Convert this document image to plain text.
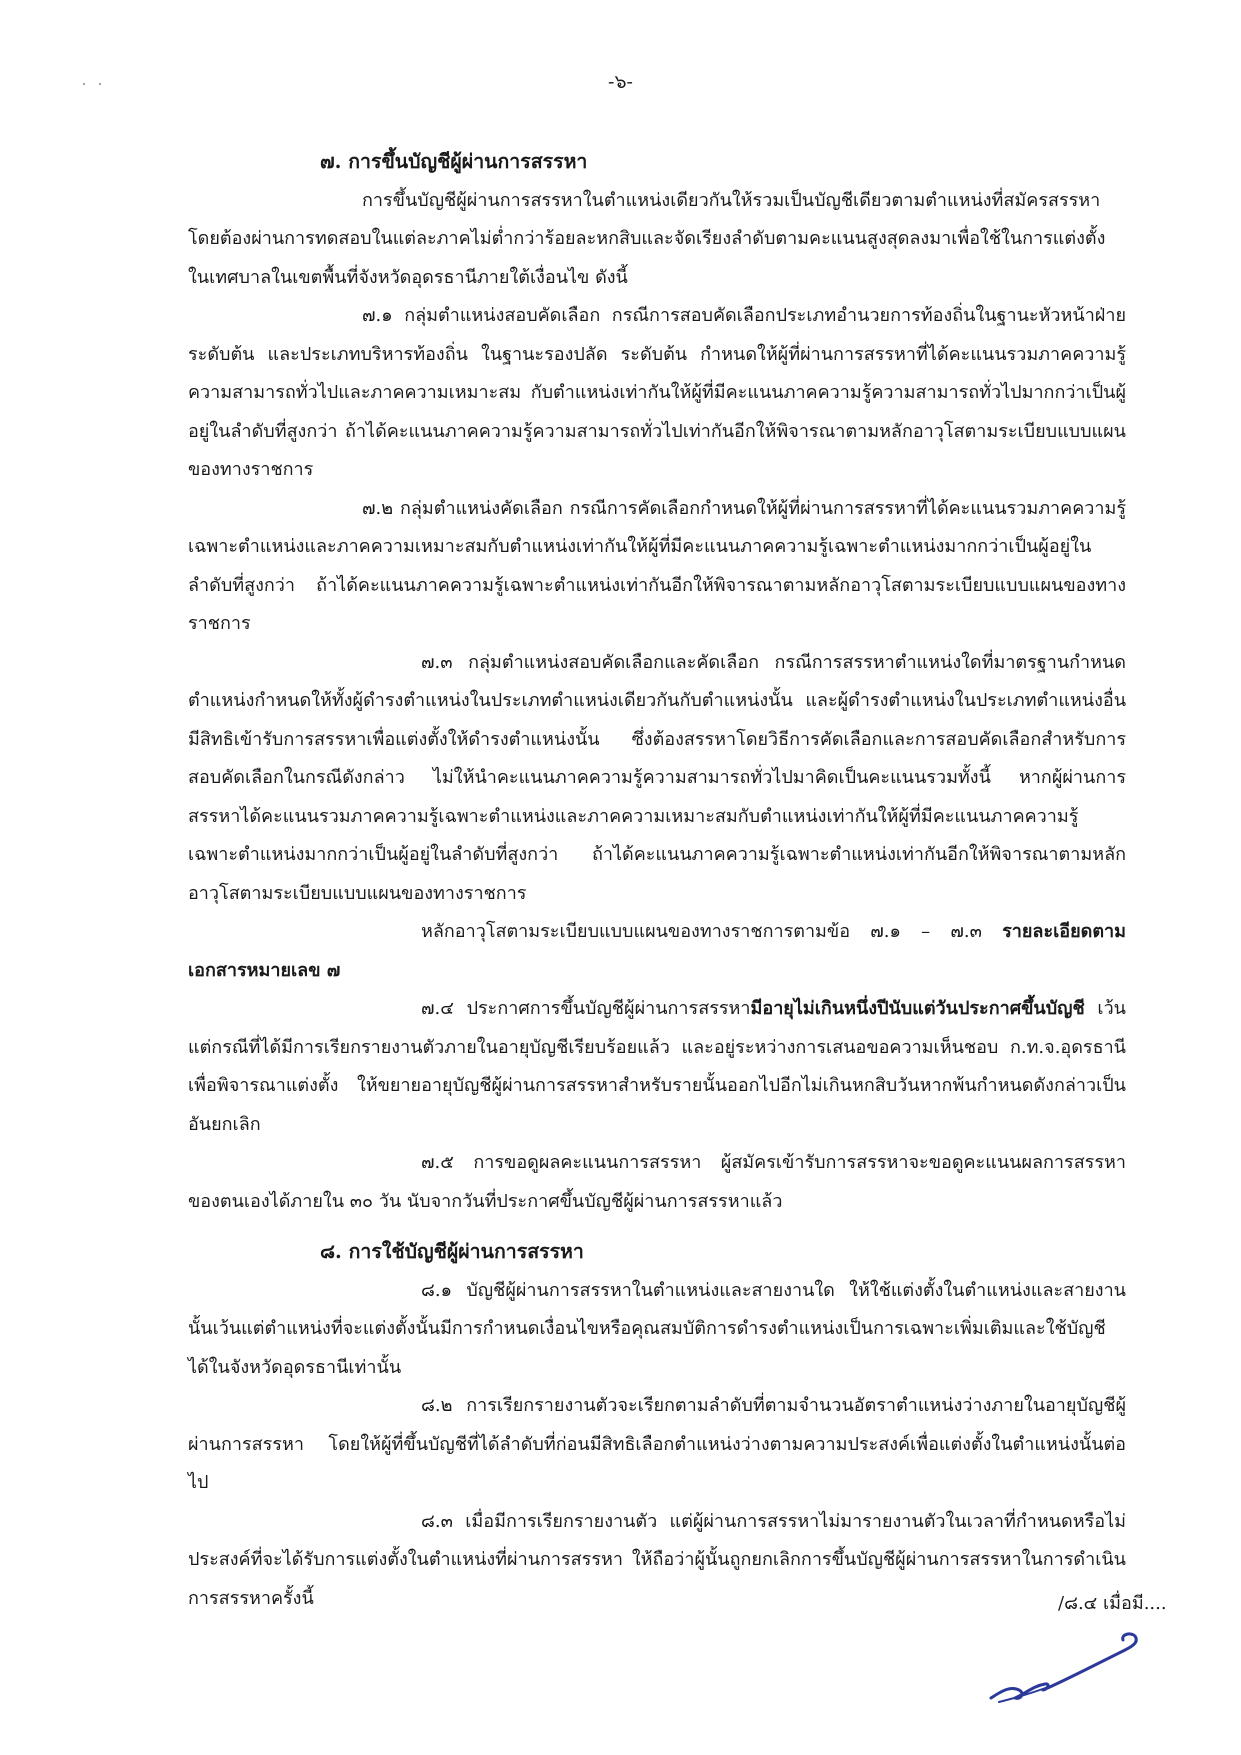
-๖-
๗. การขึ้นบัญชีผู้ผ่านการสรรหา

การขึ้นบัญชีผู้ผ่านการสรรหาในตำแหน่งเดียวกันให้รวมเป็นบัญชีเดียวตามตำแหน่งที่สมัครสรรหา โดยต้องผ่านการทดสอบในแต่ละภาคไม่ต่ำกว่าร้อยละหกสิบและจัดเรียงลำดับตามคะแนนสูงสุดลงมาเพื่อใช้ในการแต่งตั้งในเทศบาลในเขตพื้นที่จังหวัดอุดรธานีภายใต้เงื่อนไข ดังนี้

๗.๑ กลุ่มตำแหน่งสอบคัดเลือก กรณีการสอบคัดเลือกประเภทอำนวยการท้องถิ่นในฐานะหัวหน้าฝ่าย ระดับต้น และประเภทบริหารท้องถิ่น ในฐานะรองปลัด ระดับต้น กำหนดให้ผู้ที่ผ่านการสรรหาที่ได้คะแนนรวมภาคความรู้ความสามารถทั่วไปและภาคความเหมาะสม กับตำแหน่งเท่ากันให้ผู้ที่มีคะแนนภาคความรู้ความสามารถทั่วไปมากกว่าเป็นผู้อยู่ในลำดับที่สูงกว่า ถ้าได้คะแนนภาคความรู้ความสามารถทั่วไปเท่ากันอีกให้พิจารณาตามหลักอาวุโสตามระเบียบแบบแผนของทางราชการ

๗.๒ กลุ่มตำแหน่งคัดเลือก กรณีการคัดเลือกกำหนดให้ผู้ที่ผ่านการสรรหาที่ได้คะแนนรวมภาคความรู้เฉพาะตำแหน่งและภาคความเหมาะสมกับตำแหน่งเท่ากันให้ผู้ที่มีคะแนนภาคความรู้เฉพาะตำแหน่งมากกว่าเป็นผู้อยู่ในลำดับที่สูงกว่า ถ้าได้คะแนนภาคความรู้เฉพาะตำแหน่งเท่ากันอีกให้พิจารณาตามหลักอาวุโสตามระเบียบแบบแผนของทางราชการ

๗.๓ กลุ่มตำแหน่งสอบคัดเลือกและคัดเลือก กรณีการสรรหาตำแหน่งใดที่มาตรฐานกำหนดตำแหน่งกำหนดให้ทั้งผู้ดำรงตำแหน่งในประเภทตำแหน่งเดียวกันกับตำแหน่งนั้น และผู้ดำรงตำแหน่งในประเภทตำแหน่งอื่นมีสิทธิเข้ารับการสรรหาเพื่อแต่งตั้งให้ดำรงตำแหน่งนั้น ซึ่งต้องสรรหาโดยวิธีการคัดเลือกและการสอบคัดเลือกสำหรับการสอบคัดเลือกในกรณีดังกล่าว ไม่ให้นำคะแนนภาคความรู้ความสามารถทั่วไปมาคิดเป็นคะแนนรวมทั้งนี้ หากผู้ผ่านการสรรหาได้คะแนนรวมภาคความรู้เฉพาะตำแหน่งและภาคความเหมาะสมกับตำแหน่งเท่ากันให้ผู้ที่มีคะแนนภาคความรู้เฉพาะตำแหน่งมากกว่าเป็นผู้อยู่ในลำดับที่สูงกว่า ถ้าได้คะแนนภาคความรู้เฉพาะตำแหน่งเท่ากันอีกให้พิจารณาตามหลักอาวุโสตามระเบียบแบบแผนของทางราชการ

หลักอาวุโสตามระเบียบแบบแผนของทางราชการตามข้อ ๗.๑ – ๗.๓ รายละเอียดตามเอกสารหมายเลข ๗

๗.๔ ประกาศการขึ้นบัญชีผู้ผ่านการสรรหามีอายุไม่เกินหนึ่งปีนับแต่วันประกาศขึ้นบัญชี เว้นแต่กรณีที่ได้มีการเรียกรายงานตัวภายในอายุบัญชีเรียบร้อยแล้ว และอยู่ระหว่างการเสนอขอความเห็นชอบ ก.ท.จ.อุดรธานี เพื่อพิจารณาแต่งตั้ง ให้ขยายอายุบัญชีผู้ผ่านการสรรหาสำหรับรายนั้นออกไปอีกไม่เกินหกสิบวันหากพ้นกำหนดดังกล่าวเป็นอันยกเลิก

๗.๕ การขอดูผลคะแนนการสรรหา ผู้สมัครเข้ารับการสรรหาจะขอดูคะแนนผลการสรรหาของตนเองได้ภายใน ๓๐ วัน นับจากวันที่ประกาศขึ้นบัญชีผู้ผ่านการสรรหาแล้ว

๘. การใช้บัญชีผู้ผ่านการสรรหา

๘.๑ บัญชีผู้ผ่านการสรรหาในตำแหน่งและสายงานใด ให้ใช้แต่งตั้งในตำแหน่งและสายงานนั้นเว้นแต่ตำแหน่งที่จะแต่งตั้งนั้นมีการกำหนดเงื่อนไขหรือคุณสมบัติการดำรงตำแหน่งเป็นการเฉพาะเพิ่มเติมและใช้บัญชีได้ในจังหวัดอุดรธานีเท่านั้น

๘.๒ การเรียกรายงานตัวจะเรียกตามลำดับที่ตามจำนวนอัตราตำแหน่งว่างภายในอายุบัญชีผู้ผ่านการสรรหา โดยให้ผู้ที่ขึ้นบัญชีที่ได้ลำดับที่ก่อนมีสิทธิเลือกตำแหน่งว่างตามความประสงค์เพื่อแต่งตั้งในตำแหน่งนั้นต่อไป

๘.๓ เมื่อมีการเรียกรายงานตัว แต่ผู้ผ่านการสรรหาไม่มารายงานตัวในเวลาที่กำหนดหรือไม่ประสงค์ที่จะได้รับการแต่งตั้งในตำแหน่งที่ผ่านการสรรหา ให้ถือว่าผู้นั้นถูกยกเลิกการขึ้นบัญชีผู้ผ่านการสรรหาในการดำเนินการสรรหาครั้งนี้	/๘.๔ เมื่อมี....
